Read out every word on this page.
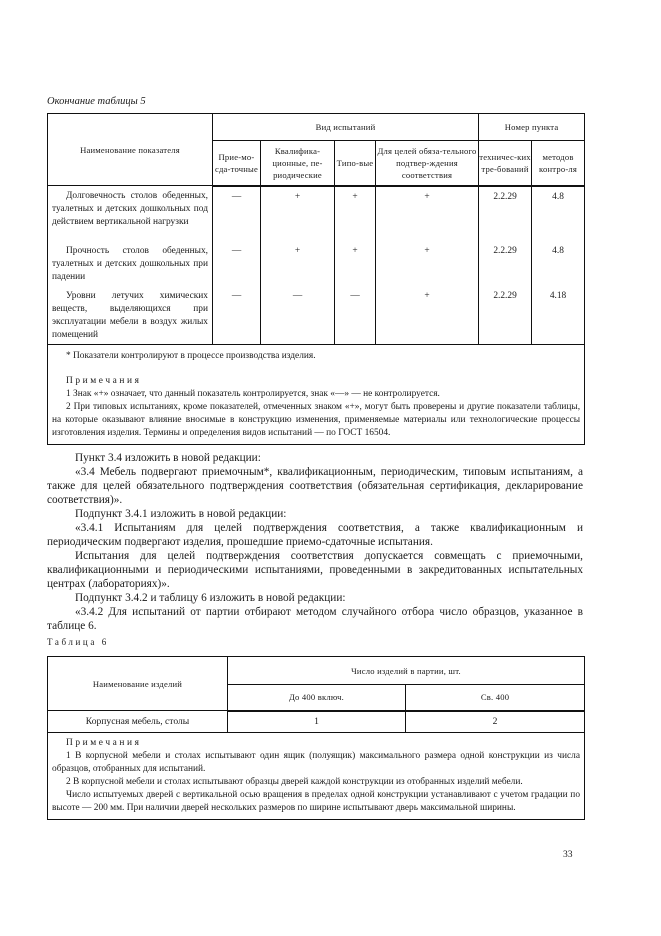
Окончание таблицы 5
Наименование показателя	Вид испытаний				Номер пункта	
	Прие-мо-сда-точные	Квалифика-ционные, пе-риодические	Типо-вые	Для целей обяза-тельного подтвер-ждения соответствия	техничес-ких тре-бований	методов контро-ля
Долговечность столов обеденных, туалетных и детских дошкольных под действием вертикальной нагрузки	—	+	+	+	2.2.29	4.8
Прочность столов обеденных, туалетных и детских дошкольных при падении	—	+	+	+	2.2.29	4.8
Уровни летучих химических веществ, выделяющихся при эксплуатации мебели в воздух жилых помещений	—	—	—	+	2.2.29	4.18

* Показатели контролируют в процессе производства изделия.
Примечания
1 Знак «+» означает, что данный показатель контролируется, знак «—» — не контролируется.
2 При типовых испытаниях, кроме показателей, отмеченных знаком «+», могут быть проверены и другие показатели таблицы, на которые оказывают влияние вносимые в конструкцию изменения, применяемые материалы или технологические процессы изготовления изделия. Термины и определения видов испытаний — по ГОСТ 16504.						
Пункт 3.4 изложить в новой редакции:
«3.4 Мебель подвергают приемочным*, квалификационным, периодическим, типовым испытаниям, а также для целей обязательного подтверждения соответствия (обязательная сертификация, декларирование соответствия)».
Подпункт 3.4.1 изложить в новой редакции:
«3.4.1 Испытаниям для целей подтверждения соответствия, а также квалификационным и периодическим подвергают изделия, прошедшие приемо-сдаточные испытания.
Испытания для целей подтверждения соответствия допускается совмещать с приемочными, квалификационными и периодическими испытаниями, проведенными в закредитованных испытательных центрах (лабораториях)».
Подпункт 3.4.2 и таблицу 6 изложить в новой редакции:
«3.4.2 Для испытаний от партии отбирают методом случайного отбора число образцов, указанное в таблице 6.
Таблица 6
Наименование изделий	Число изделий в партии, шт.	
	До 400 включ.	Св. 400
Корпусная мебель, столы	1	2

Примечания
1 В корпусной мебели и столах испытывают один ящик (полуящик) максимального размера одной конструкции из числа образцов, отобранных для испытаний.
2 В корпусной мебели и столах испытывают образцы дверей каждой конструкции из отобранных изделий мебели.
Число испытуемых дверей с вертикальной осью вращения в пределах одной конструкции устанавливают с учетом градации по высоте — 200 мм. При наличии дверей нескольких размеров по ширине испытывают дверь максимальной ширины.		
33
